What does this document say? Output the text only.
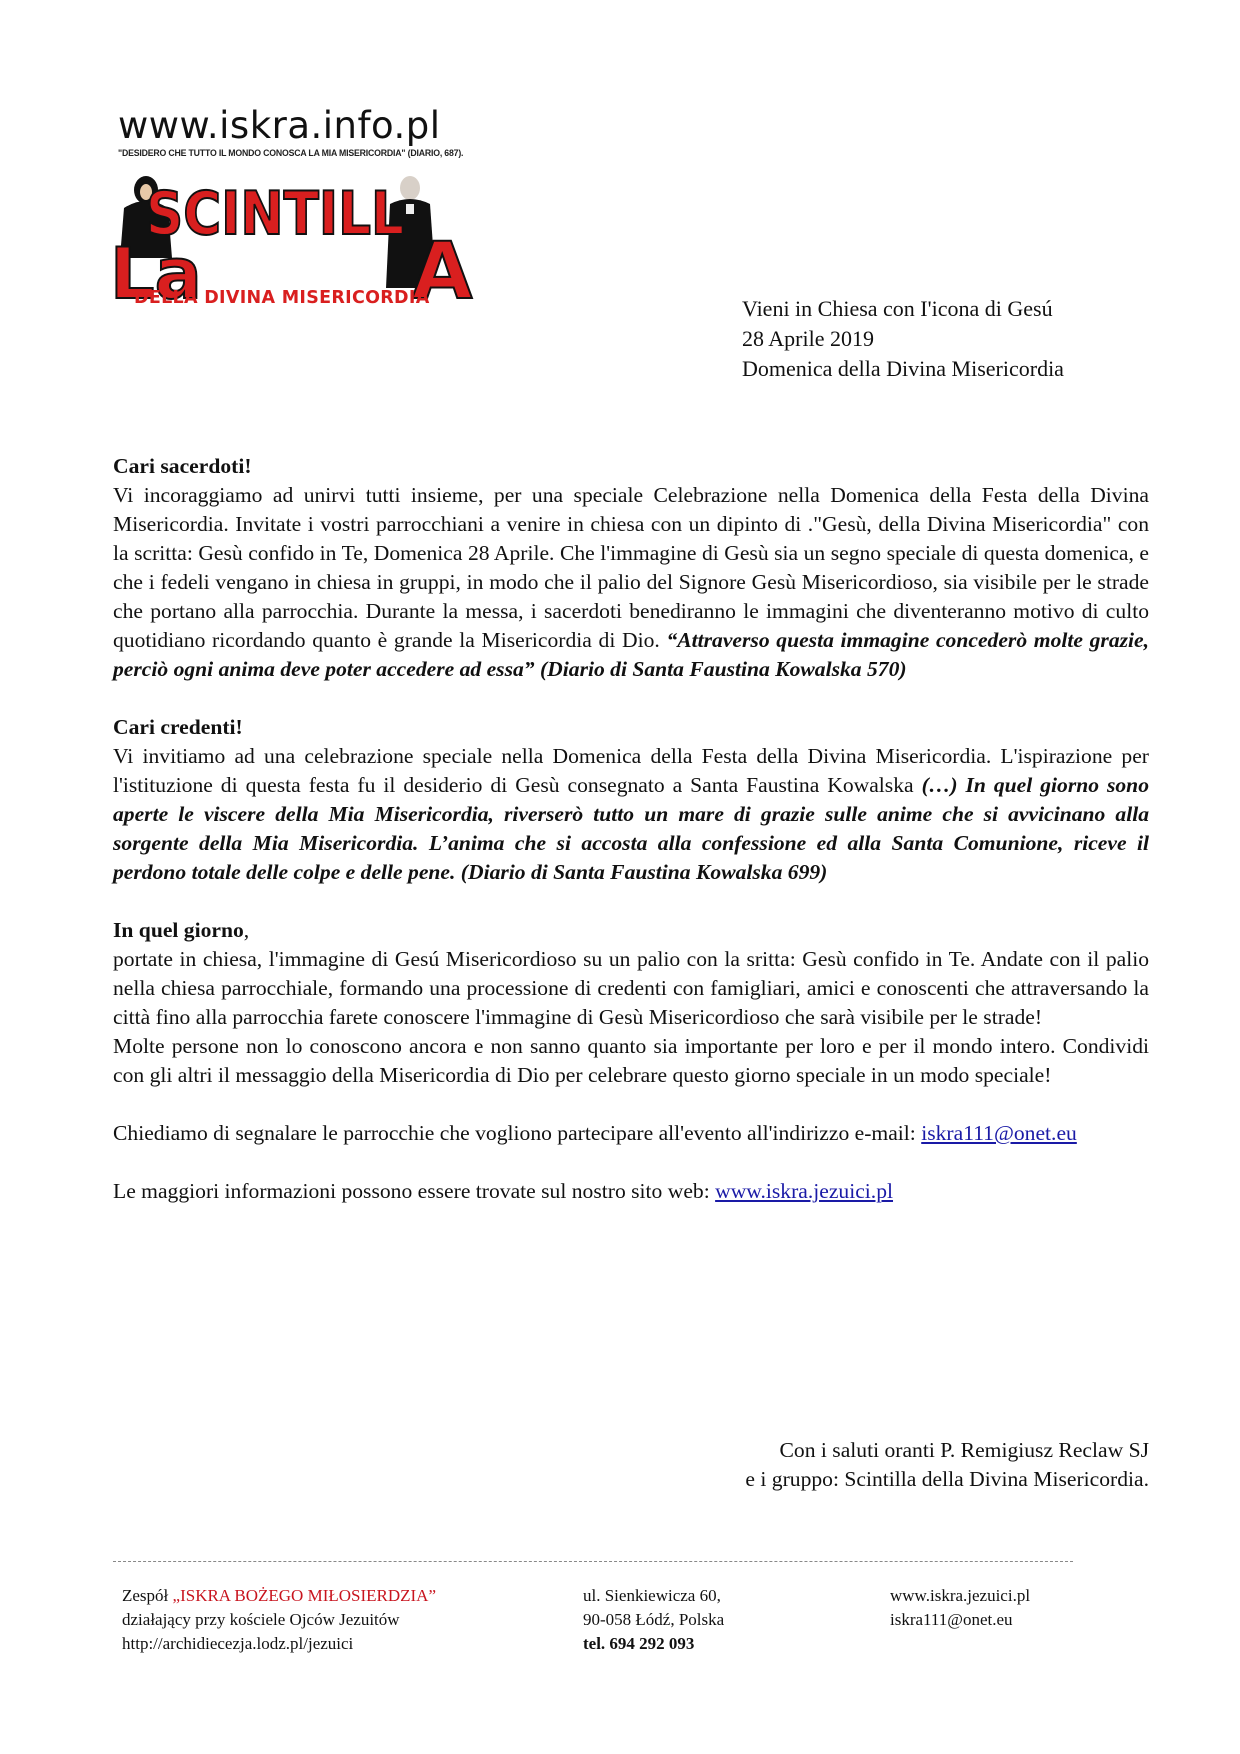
www.iskra.info.pl
"DESIDERO CHE TUTTO IL MONDO CONOSCA LA MIA MISERICORDIA" (DIARIO, 687).
SCINTILL
La	A
DELLA DIVINA MISERICORDIA	Vieni in Chiesa con I'icona di Gesú
28 Aprile 2019
Domenica della Divina Misericordia
Cari sacerdoti!

Vi incoraggiamo ad unirvi tutti insieme, per una speciale Celebrazione nella Domenica della Festa della Divina Misericordia. Invitate i vostri parrocchiani a venire in chiesa con un dipinto di ."Gesù, della Divina Misericordia" con la scritta: Gesù confido in Te, Domenica 28 Aprile. Che l'immagine di Gesù sia un segno speciale di questa domenica, e che i fedeli vengano in chiesa in gruppi, in modo che il palio del Signore Gesù Misericordioso, sia visibile per le strade che portano alla parrocchia. Durante la messa, i sacerdoti benediranno le immagini che diventeranno motivo di culto quotidiano ricordando quanto è grande la Misericordia di Dio. “Attraverso questa immagine concederò molte grazie, perciò ogni anima deve poter accedere ad essa” (Diario di Santa Faustina Kowalska 570)

Cari credenti!

Vi invitiamo ad una celebrazione speciale nella Domenica della Festa della Divina Misericordia. L'ispirazione per l'istituzione di questa festa fu il desiderio di Gesù consegnato a Santa Faustina Kowalska (…) In quel giorno sono aperte le viscere della Mia Misericordia, riverserò tutto un mare di grazie sulle anime che si avvicinano alla sorgente della Mia Misericordia. L’anima che si accosta alla confessione ed alla Santa Comunione, riceve il perdono totale delle colpe e delle pene. (Diario di Santa Faustina Kowalska 699)

In quel giorno,

portate in chiesa, l'immagine di Gesú Misericordioso su un palio con la sritta: Gesù confido in Te. Andate con il palio nella chiesa parrocchiale, formando una processione di credenti con famigliari, amici e conoscenti che attraversando la città fino alla parrocchia farete conoscere l'immagine di Gesù Misericordioso che sarà visibile per le strade!

Molte persone non lo conoscono ancora e non sanno quanto sia importante per loro e per il mondo intero. Condividi con gli altri il messaggio della Misericordia di Dio per celebrare questo giorno speciale in un modo speciale!

Chiediamo di segnalare le parrocchie che vogliono partecipare all'evento all'indirizzo e-mail: iskra111@onet.eu

Le maggiori informazioni possono essere trovate sul nostro sito web: www.iskra.jezuici.pl

Con i saluti oranti P. Remigiusz Reclaw SJ
e i gruppo: Scintilla della Divina Misericordia.
Zespół „ISKRA BOŻEGO MIŁOSIERDZIA”
działający przy kościele Ojców Jezuitów
http://archidiecezja.lodz.pl/jezuici
ul. Sienkiewicza 60,
90-058 Łódź, Polska
tel. 694 292 093
www.iskra.jezuici.pl
iskra111@onet.eu
